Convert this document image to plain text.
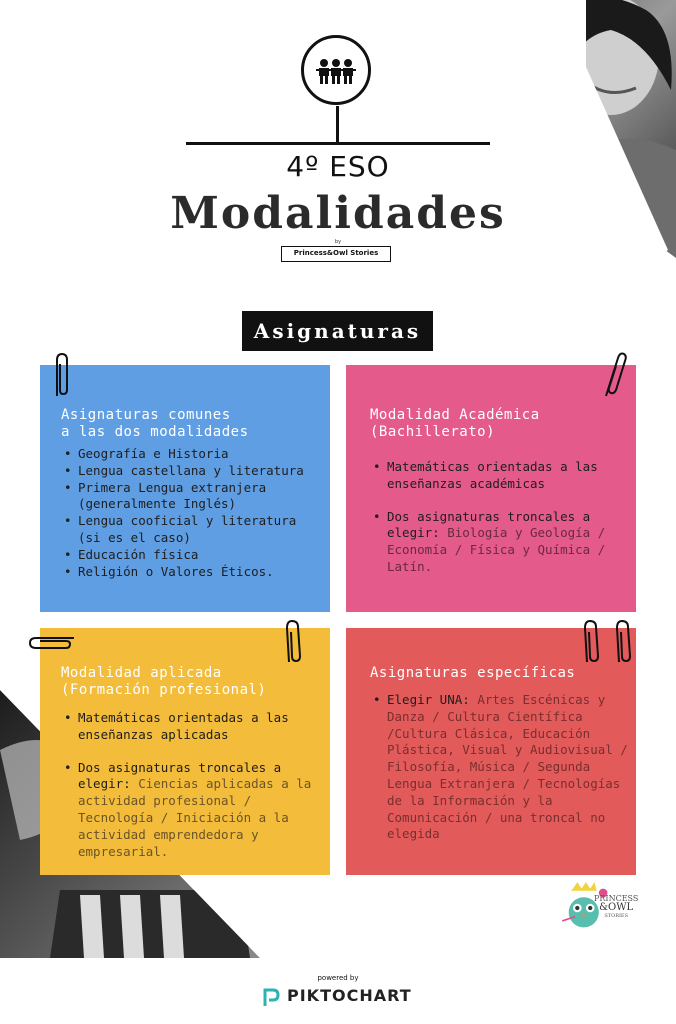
4º ESO
Modalidades
by
Princess&Owl Stories
Asignaturas
Asignaturas comunes
a las dos modalidades
• Geografía e Historia
• Lengua castellana y literatura
• Primera Lengua extranjera (generalmente Inglés)
• Lengua cooficial y literatura (si es el caso)
• Educación física
• Religión o Valores Éticos.
Modalidad Académica
(Bachillerato)
• Matemáticas orientadas a las enseñanzas académicas
• Dos asignaturas troncales a elegir: Biología y Geología / Economía / Física y Química / Latín.
Modalidad aplicada
(Formación profesional)
• Matemáticas orientadas a las enseñanzas aplicadas
• Dos asignaturas troncales a elegir: Ciencias aplicadas a la actividad profesional / Tecnología / Iniciación a la actividad emprendedora y empresarial.
Asignaturas específicas
• Elegir UNA: Artes Escénicas y Danza / Cultura Científica /Cultura Clásica, Educación Plástica, Visual y Audiovisual / Filosofía, Música / Segunda Lengua Extranjera / Tecnologías de la Información y la Comunicación / una troncal no elegida
PRINCESS
&OWL
STORIES
powered by
PIKTOCHART
